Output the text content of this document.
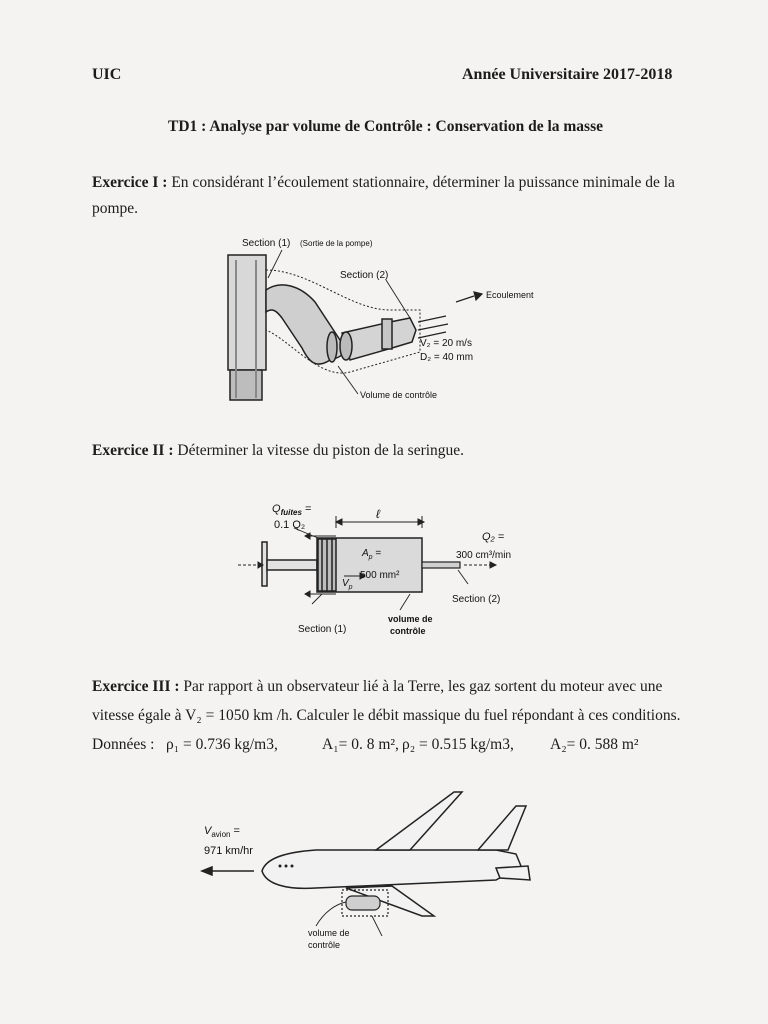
UIC	Année Universitaire 2017-2018
TD1 : Analyse par volume de Contrôle : Conservation de la masse
Exercice I : En considérant l’écoulement stationnaire, déterminer la puissance minimale de la
pompe.
Section (1) (Sortie de la pompe)
Section (2)
Ecoulement
V₂ = 20 m/s
D₂ = 40 mm
Volume de contrôle
Exercice II : Déterminer la vitesse du piston de la seringue.
$Q_{fuites}$ =
0.1 Q₂
ℓ
$A_p$ =
500 mm²
$V_p$
Q₂ =
300 cm³/min
Section (2)
Section (1)
volume de
contrôle
Exercice III : Par rapport à un observateur lié à la Terre, les gaz sortent du moteur avec une
vitesse égale à V₂ = 1050 km /h. Calculer le débit massique du fuel répondant à ces conditions.
Données : ρ₁ = 0.736 kg/m3,	A₁= 0. 8 m², ρ₂ = 0.515 kg/m3, A₂= 0. 588 m²
$V_{avion}$ =
971 km/hr
volume de
contrôle
